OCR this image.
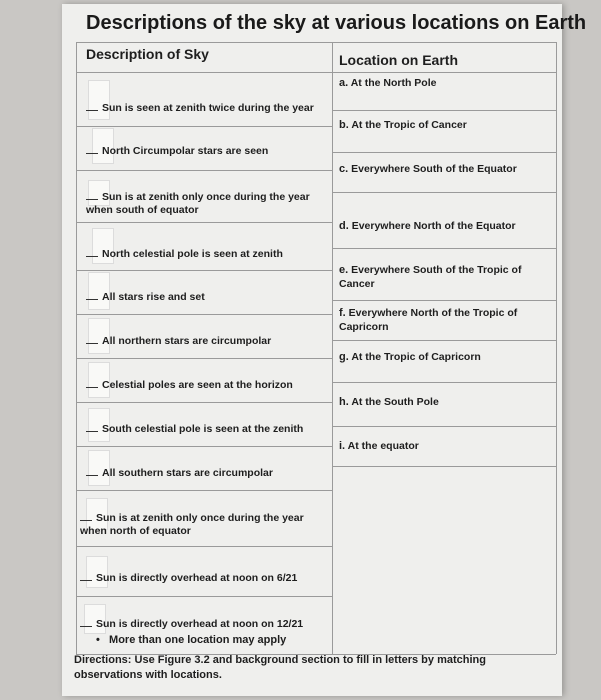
Descriptions of the sky at various locations on Earth
Description of Sky	Location on Earth
Sun is seen at zenith twice during the year
North Circumpolar stars are seen
Sun is at zenith only once during the year
when south of equator
North celestial pole is seen at zenith
All stars rise and set
All northern stars are circumpolar
Celestial poles are seen at the horizon
South celestial pole is seen at the zenith
All southern stars are circumpolar
Sun is at zenith only once during the year
when north of equator
Sun is directly overhead at noon on 6/21
Sun is directly overhead at noon on 12/21
a. At the North Pole
b. At the Tropic of Cancer
c. Everywhere South of the Equator
d. Everywhere North of the Equator
e. Everywhere South of the Tropic of Cancer
f. Everywhere North of the Tropic of Capricorn
g. At the Tropic of Capricorn
h. At the South Pole
i. At the equator
• More than one location may apply
Directions: Use Figure 3.2 and background section to fill in letters by matching observations with locations.
